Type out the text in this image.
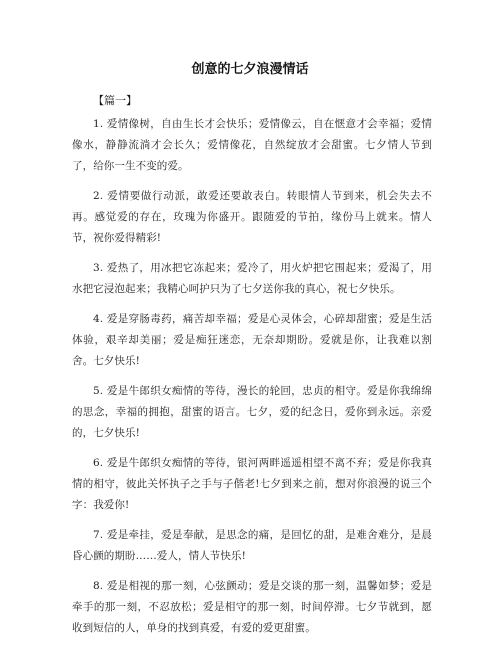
创意的七夕浪漫情话
【篇一】

1. 爱情像树，自由生长才会快乐；爱情像云，自在惬意才会幸福；爱情像水，静静流淌才会长久；爱情像花，自然绽放才会甜蜜。七夕情人节到了，给你一生不变的爱。

2. 爱情要做行动派，敢爱还要敢表白。转眼情人节到来，机会失去不再。感觉爱的存在，玫瑰为你盛开。跟随爱的节拍，缘份马上就来。情人节，祝你爱得精彩!

3. 爱热了，用冰把它冻起来；爱冷了，用火炉把它围起来；爱渴了，用水把它浸泡起来；我精心呵护只为了七夕送你我的真心，祝七夕快乐。

4. 爱是穿肠毒药，痛苦却幸福；爱是心灵体会，心碎却甜蜜；爱是生活体验，艰辛却美丽；爱是痴狂迷恋，无奈却期盼。爱就是你，让我难以割舍。七夕快乐!

5. 爱是牛郎织女痴情的等待，漫长的轮回，忠贞的相守。爱是你我绵绵的思念，幸福的拥抱，甜蜜的语言。七夕，爱的纪念日，爱你到永远。亲爱的，七夕快乐!

6. 爱是牛郎织女痴情的等待，银河两畔遥遥相望不离不弃；爱是你我真情的相守，彼此关怀执子之手与子偕老!七夕到来之前，想对你浪漫的说三个字：我爱你!

7. 爱是牵挂，爱是奉献，是思念的痛，是回忆的甜，是难舍难分，是晨昏心颤的期盼……爱人，情人节快乐!

8. 爱是相视的那一刻，心弦颤动；爱是交谈的那一刻，温馨如梦；爱是牵手的那一刻，不忍放松；爱是相守的那一刻，时间停滞。七夕节就到，愿收到短信的人，单身的找到真爱，有爱的爱更甜蜜。
